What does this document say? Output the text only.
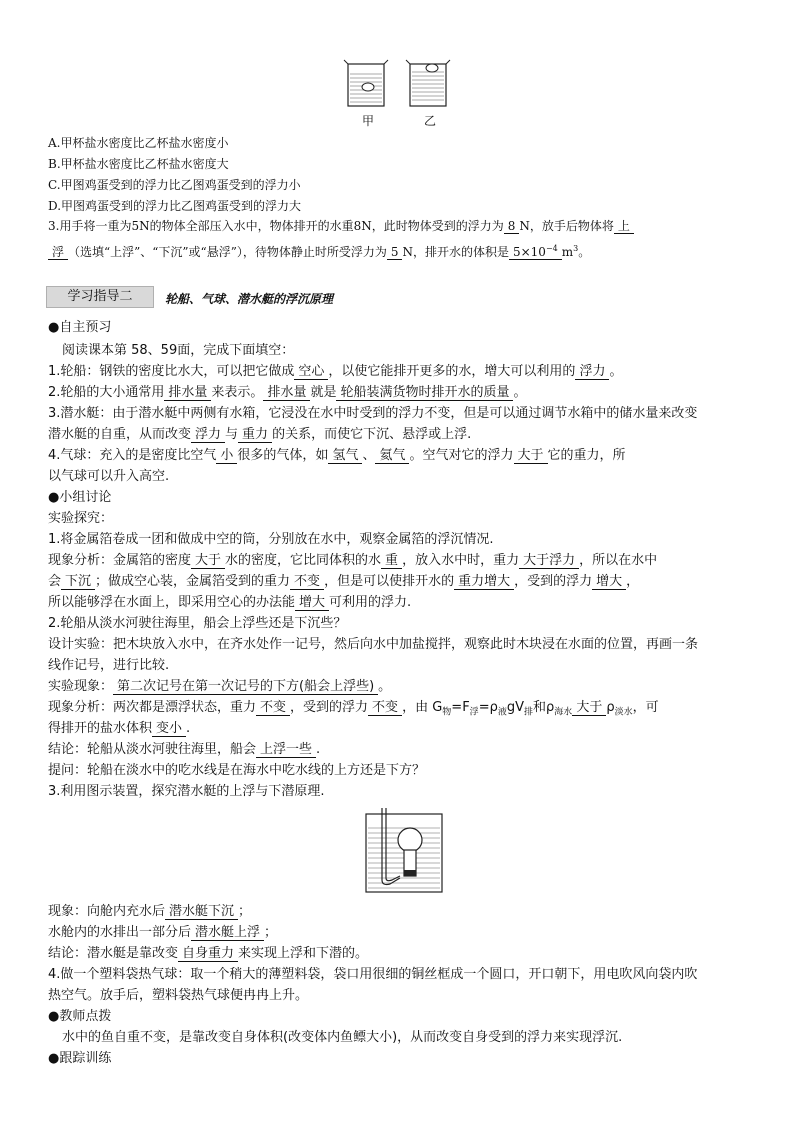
甲	乙
A.甲杯盐水密度比乙杯盐水密度小
B.甲杯盐水密度比乙杯盐水密度大
C.甲图鸡蛋受到的浮力比乙图鸡蛋受到的浮力小
D.甲图鸡蛋受到的浮力比乙图鸡蛋受到的浮力大
3.用手将一重为5N的物体全部压入水中，物体排开的水重8N，此时物体受到的浮力为 8 N，放手后物体将 上
浮 （选填“上浮”、“下沉”或“悬浮”），待物体静止时所受浮力为 5 N，排开水的体积是 $5\times 10^{-4}$ $m^3$。
学习指导二	轮船、气球、潜水艇的浮沉原理
●自主预习
阅读课本第 58、59面，完成下面填空：
1.轮船：钢铁的密度比水大，可以把它做成 空心 ，以使它能排开更多的水，增大可以利用的 浮力 。
2.轮船的大小通常用 排水量 来表示。 排水量 就是 轮船装满货物时排开水的质量 。
3.潜水艇：由于潜水艇中两侧有水箱，它浸没在水中时受到的浮力不变，但是可以通过调节水箱中的储水量来改变
潜水艇的自重，从而改变 浮力 与 重力 的关系，而使它下沉、悬浮或上浮.
4.气球：充入的是密度比空气 小 很多的气体，如 氢气 、 氦气 。空气对它的浮力 大于 它的重力，所
以气球可以升入高空.
●小组讨论
实验探究：
1.将金属箔卷成一团和做成中空的筒，分别放在水中，观察金属箔的浮沉情况.
现象分析：金属箔的密度 大于 水的密度，它比同体积的水 重 ，放入水中时，重力 大于浮力 ，所以在水中
会 下沉 ；做成空心装，金属箔受到的重力 不变 ，但是可以使排开水的 重力增大 ，受到的浮力 增大 ，
所以能够浮在水面上，即采用空心的办法能 增大 可利用的浮力.
2.轮船从淡水河驶往海里，船会上浮些还是下沉些？
设计实验：把木块放入水中，在齐水处作一记号，然后向水中加盐搅拌，观察此时木块浸在水面的位置，再画一条
线作记号，进行比较.
实验现象： 第二次记号在第一次记号的下方(船会上浮些) 。
现象分析：两次都是漂浮状态，重力 不变 ，受到的浮力 不变 ，由 $G_物=F_浮=\rho_液gV_排$和$\rho_{海水}$ 大于 $\rho_{淡水}$，可
得排开的盐水体积 变小 .
结论：轮船从淡水河驶往海里，船会 上浮一些 .
提问：轮船在淡水中的吃水线是在海水中吃水线的上方还是下方？
3.利用图示装置，探究潜水艇的上浮与下潜原理.
现象：向舱内充水后 潜水艇下沉 ；
水舱内的水排出一部分后 潜水艇上浮 ；
结论：潜水艇是靠改变 自身重力 来实现上浮和下潜的。
4.做一个塑料袋热气球：取一个稍大的薄塑料袋，袋口用很细的铜丝框成一个圆口，开口朝下，用电吹风向袋内吹
热空气。放手后，塑料袋热气球便冉冉上升。
●教师点拨
水中的鱼自重不变，是靠改变自身体积(改变体内鱼鳔大小)，从而改变自身受到的浮力来实现浮沉.
●跟踪训练
